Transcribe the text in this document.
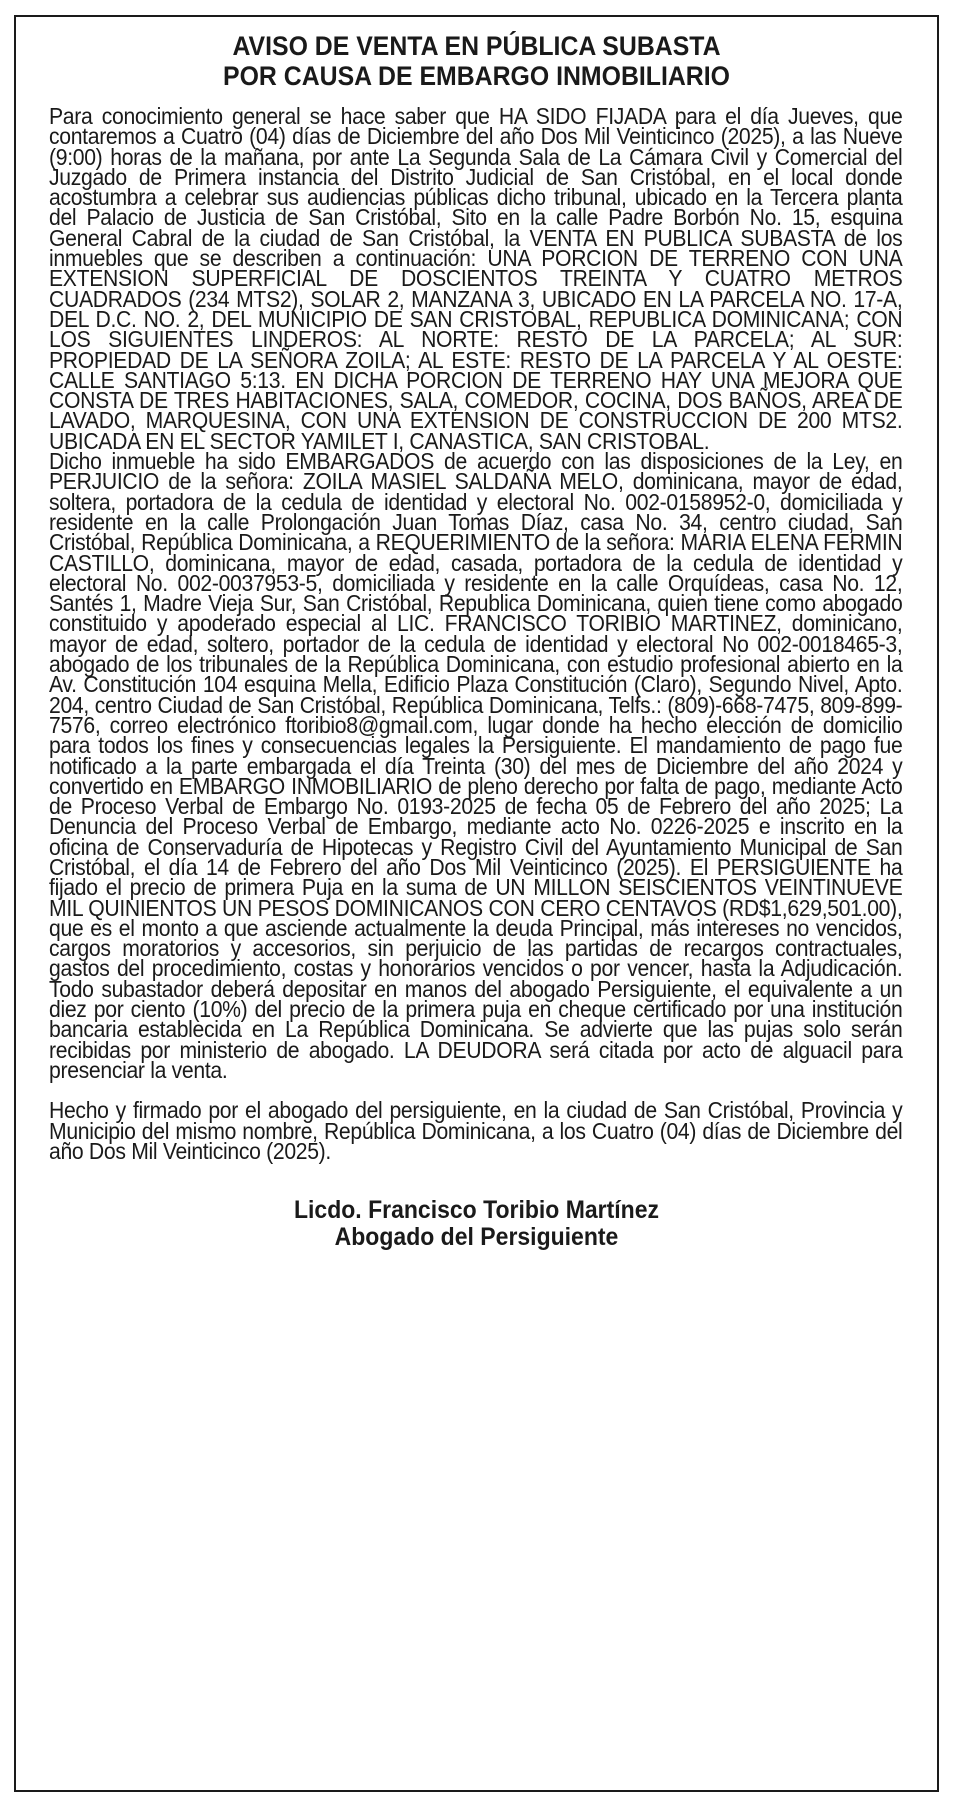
AVISO DE VENTA EN PÚBLICA SUBASTA
POR CAUSA DE EMBARGO INMOBILIARIO

Para conocimiento general se hace saber que HA SIDO FIJADA para el día Jueves, que contaremos a Cuatro (04) días de Diciembre del año Dos Mil Veinticinco (2025), a las Nueve (9:00) horas de la mañana, por ante La Segunda Sala de La Cámara Civil y Comercial del Juzgado de Primera instancia del Distrito Judicial de San Cristóbal, en el local donde acostumbra a celebrar sus audiencias públicas dicho tribunal, ubicado en la Tercera planta del Palacio de Justicia de San Cristóbal, Sito en la calle Padre Borbón No. 15, esquina General Cabral de la ciudad de San Cristóbal, la VENTA EN PUBLICA SUBASTA de los inmuebles que se describen a continuación: UNA PORCION DE TERRENO CON UNA EXTENSION SUPERFICIAL DE DOSCIENTOS TREINTA Y CUATRO METROS CUADRADOS (234 MTS2), SOLAR 2, MANZANA 3, UBICADO EN LA PARCELA NO. 17-A, DEL D.C. NO. 2, DEL MUNICIPIO DE SAN CRISTOBAL, REPUBLICA DOMINICANA; CON LOS SIGUIENTES LINDEROS: AL NORTE: RESTO DE LA PARCELA; AL SUR: PROPIEDAD DE LA SEÑORA ZOILA; AL ESTE: RESTO DE LA PARCELA Y AL OESTE: CALLE SANTIAGO 5:13. EN DICHA PORCION DE TERRENO HAY UNA MEJORA QUE CONSTA DE TRES HABITACIONES, SALA, COMEDOR, COCINA, DOS BAÑOS, AREA DE LAVADO, MARQUESINA, CON UNA EXTENSION DE CONSTRUCCION DE 200 MTS2. UBICADA EN EL SECTOR YAMILET I, CANASTICA, SAN CRISTOBAL.

Dicho inmueble ha sido EMBARGADOS de acuerdo con las disposiciones de la Ley, en PERJUICIO de la señora: ZOILA MASIEL SALDAÑA MELO, dominicana, mayor de edad, soltera, portadora de la cedula de identidad y electoral No. 002-0158952-0, domiciliada y residente en la calle Prolongación Juan Tomas Díaz, casa No. 34, centro ciudad, San Cristóbal, República Dominicana, a REQUERIMIENTO de la señora: MARIA ELENA FERMIN CASTILLO, dominicana, mayor de edad, casada, portadora de la cedula de identidad y electoral No. 002-0037953-5, domiciliada y residente en la calle Orquídeas, casa No. 12, Santés 1, Madre Vieja Sur, San Cristóbal, Republica Dominicana, quien tiene como abogado constituido y apoderado especial al LIC. FRANCISCO TORIBIO MARTINEZ, dominicano, mayor de edad, soltero, portador de la cedula de identidad y electoral No 002-0018465-3, abogado de los tribunales de la República Dominicana, con estudio profesional abierto en la Av. Constitución 104 esquina Mella, Edificio Plaza Constitución (Claro), Segundo Nivel, Apto. 204, centro Ciudad de San Cristóbal, República Dominicana, Telfs.: (809)-668-7475, 809-899-7576, correo electrónico ftoribio8@gmail.com, lugar donde ha hecho elección de domicilio para todos los fines y consecuencias legales la Persiguiente. El mandamiento de pago fue notificado a la parte embargada el día Treinta (30) del mes de Diciembre del año 2024 y convertido en EMBARGO INMOBILIARIO de pleno derecho por falta de pago, mediante Acto de Proceso Verbal de Embargo No. 0193-2025 de fecha 05 de Febrero del año 2025; La Denuncia del Proceso Verbal de Embargo, mediante acto No. 0226-2025 e inscrito en la oficina de Conservaduría de Hipotecas y Registro Civil del Ayuntamiento Municipal de San Cristóbal, el día 14 de Febrero del año Dos Mil Veinticinco (2025). El PERSIGUIENTE ha fijado el precio de primera Puja en la suma de UN MILLON SEISCIENTOS VEINTINUEVE MIL QUINIENTOS UN PESOS DOMINICANOS CON CERO CENTAVOS (RD$1,629,501.00), que es el monto a que asciende actualmente la deuda Principal, más intereses no vencidos, cargos moratorios y accesorios, sin perjuicio de las partidas de recargos contractuales, gastos del procedimiento, costas y honorarios vencidos o por vencer, hasta la Adjudicación. Todo subastador deberá depositar en manos del abogado Persiguiente, el equivalente a un diez por ciento (10%) del precio de la primera puja en cheque certificado por una institución bancaria establecida en La República Dominicana. Se advierte que las pujas solo serán recibidas por ministerio de abogado. LA DEUDORA será citada por acto de alguacil para presenciar la venta.

Hecho y firmado por el abogado del persiguiente, en la ciudad de San Cristóbal, Provincia y Municipio del mismo nombre, República Dominicana, a los Cuatro (04) días de Diciembre del año Dos Mil Veinticinco (2025).

Licdo. Francisco Toribio Martínez
Abogado del Persiguiente
